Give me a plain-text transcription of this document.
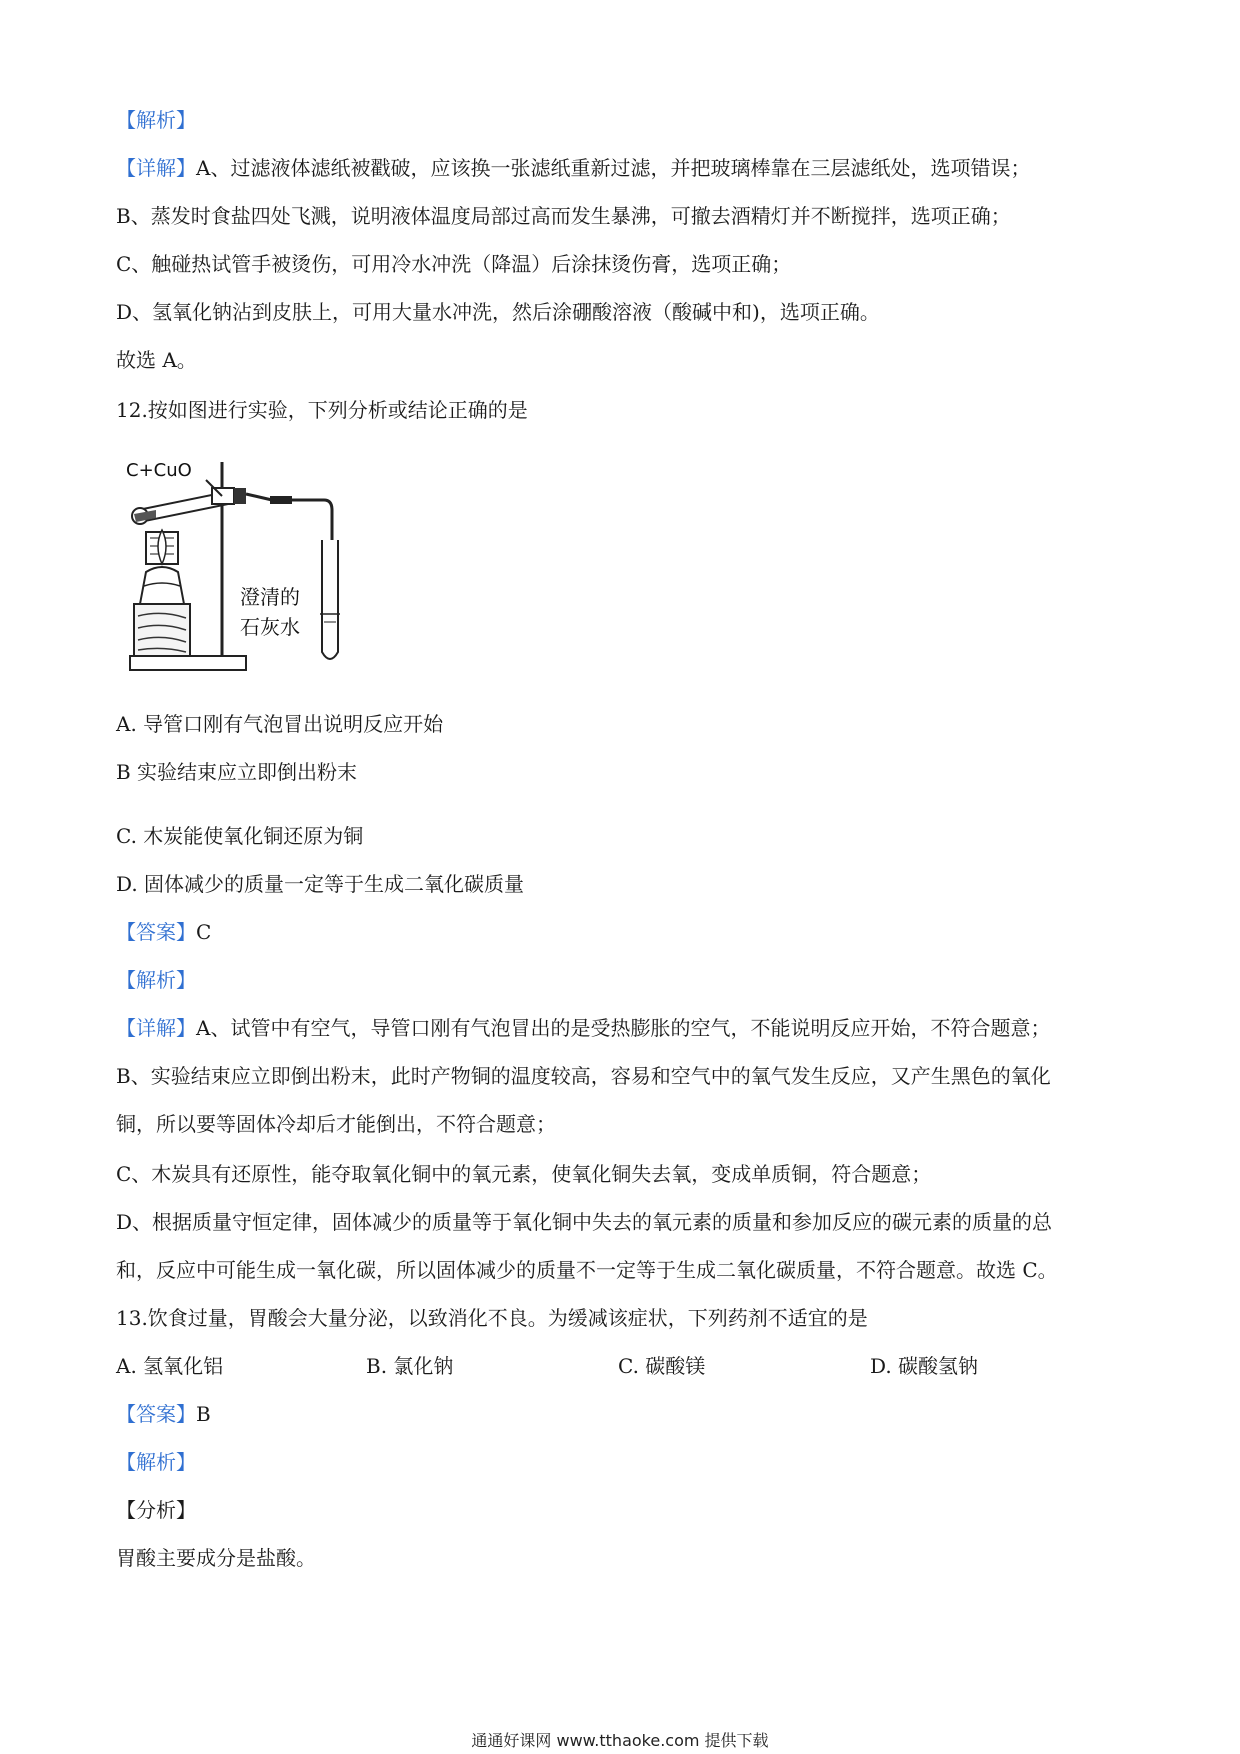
【解析】
【详解】A、过滤液体滤纸被戳破，应该换一张滤纸重新过滤，并把玻璃棒靠在三层滤纸处，选项错误；
B、蒸发时食盐四处飞溅，说明液体温度局部过高而发生暴沸，可撤去酒精灯并不断搅拌，选项正确；
C、触碰热试管手被烫伤，可用冷水冲洗（降温）后涂抹烫伤膏，选项正确；
D、氢氧化钠沾到皮肤上，可用大量水冲洗，然后涂硼酸溶液（酸碱中和)，选项正确。
故选 A。
12.按如图进行实验，下列分析或结论正确的是
C+CuO
澄清的
石灰水
A. 导管口刚有气泡冒出说明反应开始
B 实验结束应立即倒出粉末
C. 木炭能使氧化铜还原为铜
D. 固体减少的质量一定等于生成二氧化碳质量
【答案】C
【解析】
【详解】A、试管中有空气，导管口刚有气泡冒出的是受热膨胀的空气，不能说明反应开始，不符合题意；
B、实验结束应立即倒出粉末，此时产物铜的温度较高，容易和空气中的氧气发生反应，又产生黑色的氧化
铜，所以要等固体冷却后才能倒出，不符合题意；
C、木炭具有还原性，能夺取氧化铜中的氧元素，使氧化铜失去氧，变成单质铜，符合题意；
D、根据质量守恒定律，固体减少的质量等于氧化铜中失去的氧元素的质量和参加反应的碳元素的质量的总
和，反应中可能生成一氧化碳，所以固体减少的质量不一定等于生成二氧化碳质量，不符合题意。故选 C。
13.饮食过量，胃酸会大量分泌，以致消化不良。为缓减该症状，下列药剂不适宜的是
A. 氢氧化铝	B. 氯化钠	C. 碳酸镁	D. 碳酸氢钠
【答案】B
【解析】
【分析】
胃酸主要成分是盐酸。
通通好课网 www.tthaoke.com 提供下载
